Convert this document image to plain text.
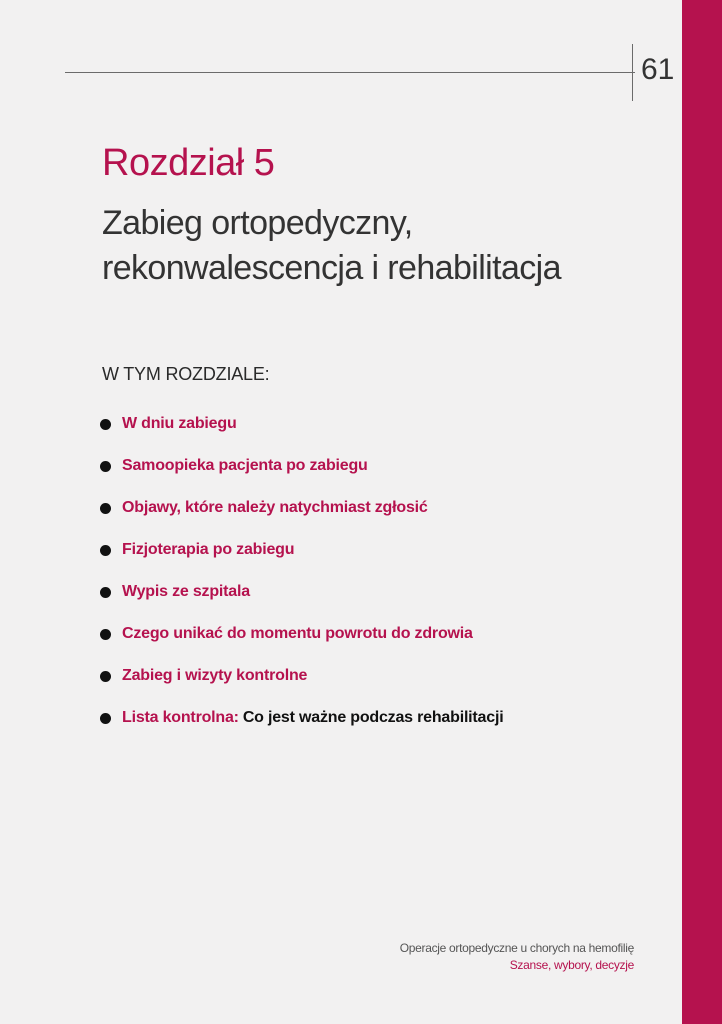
61
Rozdział 5
Zabieg ortopedyczny,
rekonwalescencja i rehabilitacja
W TYM ROZDZIALE:
W dniu zabiegu
Samoopieka pacjenta po zabiegu
Objawy, które należy natychmiast zgłosić
Fizjoterapia po zabiegu
Wypis ze szpitala
Czego unikać do momentu powrotu do zdrowia
Zabieg i wizyty kontrolne
Lista kontrolna: Co jest ważne podczas rehabilitacji
Operacje ortopedyczne u chorych na hemofilię
Szanse, wybory, decyzje
